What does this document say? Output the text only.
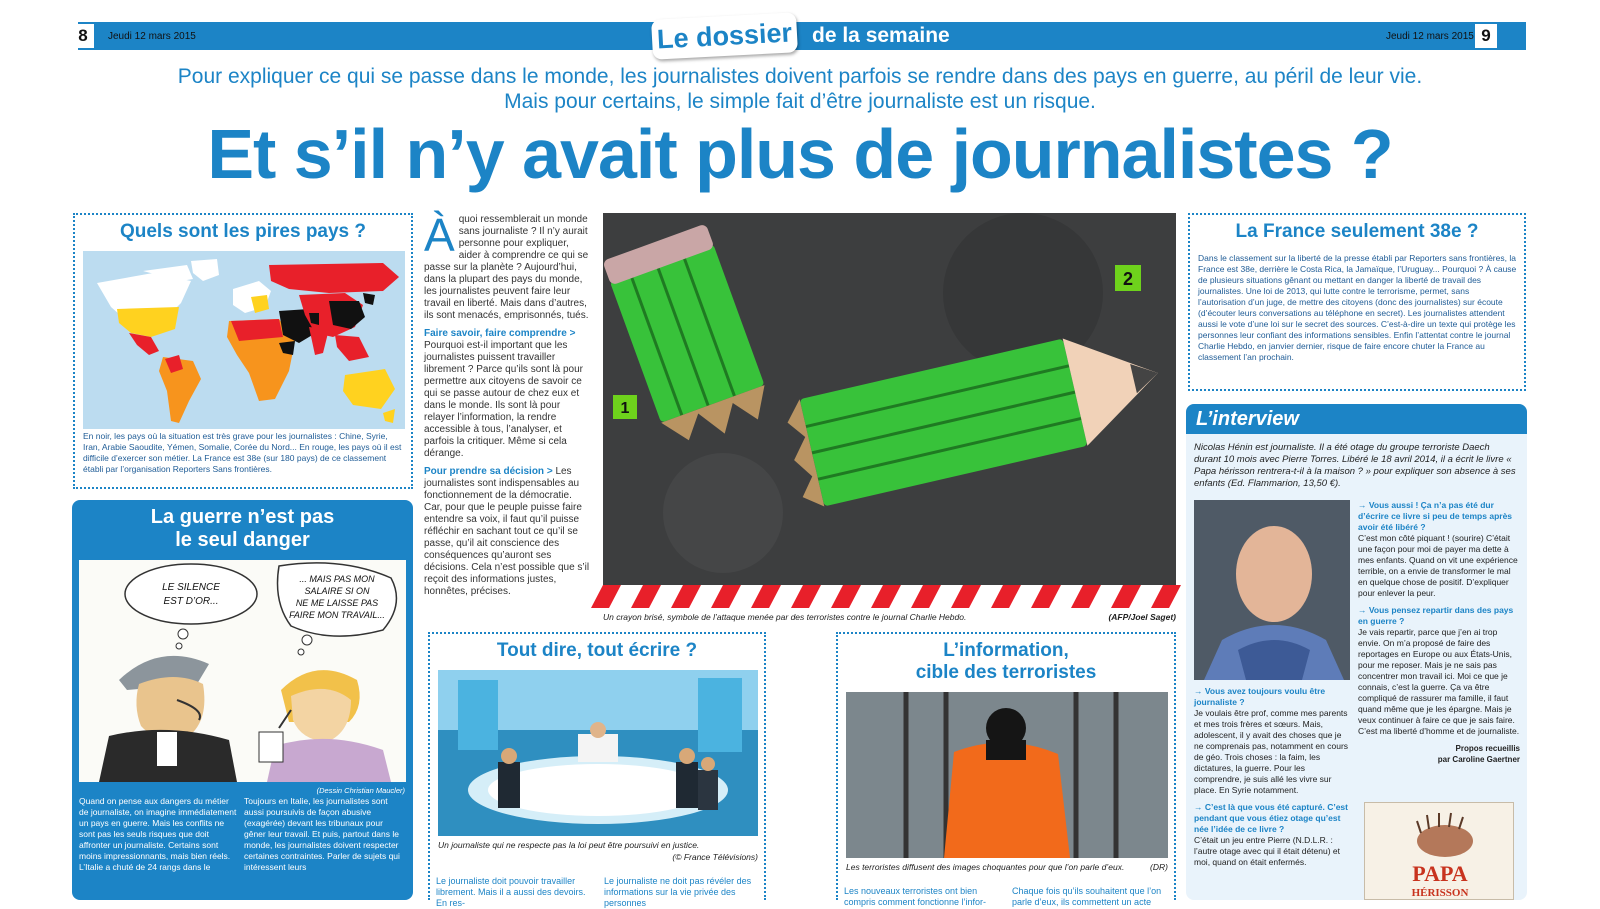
8	9
Jeudi 12 mars 2015	Jeudi 12 mars 2015
Le dossier de la semaine
Pour expliquer ce qui se passe dans le monde, les journalistes doivent parfois se rendre dans des pays en guerre, au péril de leur vie.
Mais pour certains, le simple fait d’être journaliste est un risque.
Et s’il n’y avait plus de journalistes ?
Quels sont les pires pays ?
En noir, les pays où la situation est très grave pour les journalistes : Chine, Syrie, Iran, Arabie Saoudite, Yémen, Somalie, Corée du Nord... En rouge, les pays où il est difficile d’exercer son métier. La France est 38e (sur 180 pays) de ce classement établi par l’organisation Reporters Sans frontières.
La guerre n’est pas
le seul danger
LE SILENCE
EST D’OR...
... MAIS PAS MON
SALAIRE SI ON
NE ME LAISSE PAS
FAIRE MON TRAVAIL...
(Dessin Christian Maucler)
Quand on pense aux dangers du métier de journaliste, on imagine immédiatement un pays en guerre. Mais les conflits ne sont pas les seuls risques que doit affronter un journaliste. Certains sont moins impressionnants, mais bien réels. L’Italie a chuté de 24 rangs dans le
Toujours en Italie, les journalistes sont aussi poursuivis de façon abusive (exagérée) devant les tribunaux pour gêner leur travail. Et puis, partout dans le monde, les journalistes doivent respecter certaines contraintes. Parler de sujets qui intéressent leurs

Àquoi ressemblerait un monde sans journaliste ? Il n’y aurait personne pour expliquer, aider à comprendre ce qui se passe sur la planète ? Aujourd’hui, dans la plupart des pays du monde, les journalistes peuvent faire leur travail en liberté. Mais dans d’autres, ils sont menacés, emprisonnés, tués.

Faire savoir, faire comprendre > Pourquoi est-il important que les journalistes puissent travailler librement ? Parce qu’ils sont là pour permettre aux citoyens de savoir ce qui se passe autour de chez eux et dans le monde. Ils sont là pour relayer l’information, la rendre accessible à tous, l’analyser, et parfois la critiquer. Même si cela dérange.

Pour prendre sa décision > Les journalistes sont indispensables au fonctionnement de la démocratie. Car, pour que le peuple puisse faire entendre sa voix, il faut qu’il puisse réfléchir en sachant tout ce qu’il se passe, qu’il ait conscience des conséquences qu’auront ses décisions. Cela n’est possible que s’il reçoit des informations justes, honnêtes, précises.

1
2
Un crayon brisé, symbole de l’attaque menée par des terroristes contre le journal Charlie Hebdo.	(AFP/Joel Saget)
Tout dire, tout écrire ?
Un journaliste qui ne respecte pas la loi peut être poursuivi en justice.
(© France Télévisions)
Le journaliste doit pouvoir travailler librement. Mais il a aussi des devoirs. En res-
Le journaliste ne doit pas révéler des informations sur la vie privée des personnes
L’information,
cible des terroristes
Les terroristes diffusent des images choquantes pour que l’on parle d’eux.	(DR)
Les nouveaux terroristes ont bien compris comment fonctionne l’infor-
Chaque fois qu’ils souhaitent que l’on parle d’eux, ils commettent un acte
La France seulement 38e ?
Dans le classement sur la liberté de la presse établi par Reporters sans frontières, la France est 38e, derrière le Costa Rica, la Jamaïque, l’Uruguay... Pourquoi ? À cause de plusieurs situations gênant ou mettant en danger la liberté de travail des journalistes. Une loi de 2013, qui lutte contre le terrorisme, permet, sans l’autorisation d’un juge, de mettre des citoyens (donc des journalistes) sur écoute (d’écouter leurs conversations au téléphone en secret). Les journalistes attendent aussi le vote d’une loi sur le secret des sources. C’est-à-dire un texte qui protège les personnes leur confiant des informations sensibles. Enfin l’attentat contre le journal Charlie Hebdo, en janvier dernier, risque de faire encore chuter la France au classement l’an prochain.
L’interview
Nicolas Hénin est journaliste. Il a été otage du groupe terroriste Daech durant 10 mois avec Pierre Torres. Libéré le 18 avril 2014, il a écrit le livre « Papa hérisson rentrera-t-il à la maison ? » pour expliquer son absence à ses enfants (Ed. Flammarion, 13,50 €).
→ Vous aussi ! Ça n’a pas été dur d’écrire ce livre si peu de temps après avoir été libéré ?
C’est mon côté piquant ! (sourire) C’était une façon pour moi de payer ma dette à mes enfants. Quand on vit une expérience terrible, on a envie de transformer le mal en quelque chose de positif. D’expliquer pour enlever la peur.
→ Vous pensez repartir dans des pays en guerre ?
Je vais repartir, parce que j’en ai trop envie. On m’a proposé de faire des reportages en Europe ou aux États-Unis, pour me reposer. Mais je ne sais pas concentrer mon travail ici. Moi ce que je connais, c’est la guerre. Ça va être compliqué de rassurer ma famille, il faut quand même que je les épargne. Mais je veux continuer à faire ce que je sais faire. C’est ma liberté d’homme et de journaliste.
Propos recueillis
par Caroline Gaertner
→ Vous avez toujours voulu être journaliste ?
Je voulais être prof, comme mes parents et mes trois frères et sœurs. Mais, adolescent, il y avait des choses que je ne comprenais pas, notamment en cours de géo. Trois choses : la faim, les dictatures, la guerre. Pour les comprendre, je suis allé les vivre sur place. En Syrie notamment.
→ C’est là que vous été capturé. C’est pendant que vous étiez otage qu’est née l’idée de ce livre ?
C’était un jeu entre Pierre (N.D.L.R. : l’autre otage avec qui il était détenu) et moi, quand on était enfermés.	PAPA
HÉRISSON
